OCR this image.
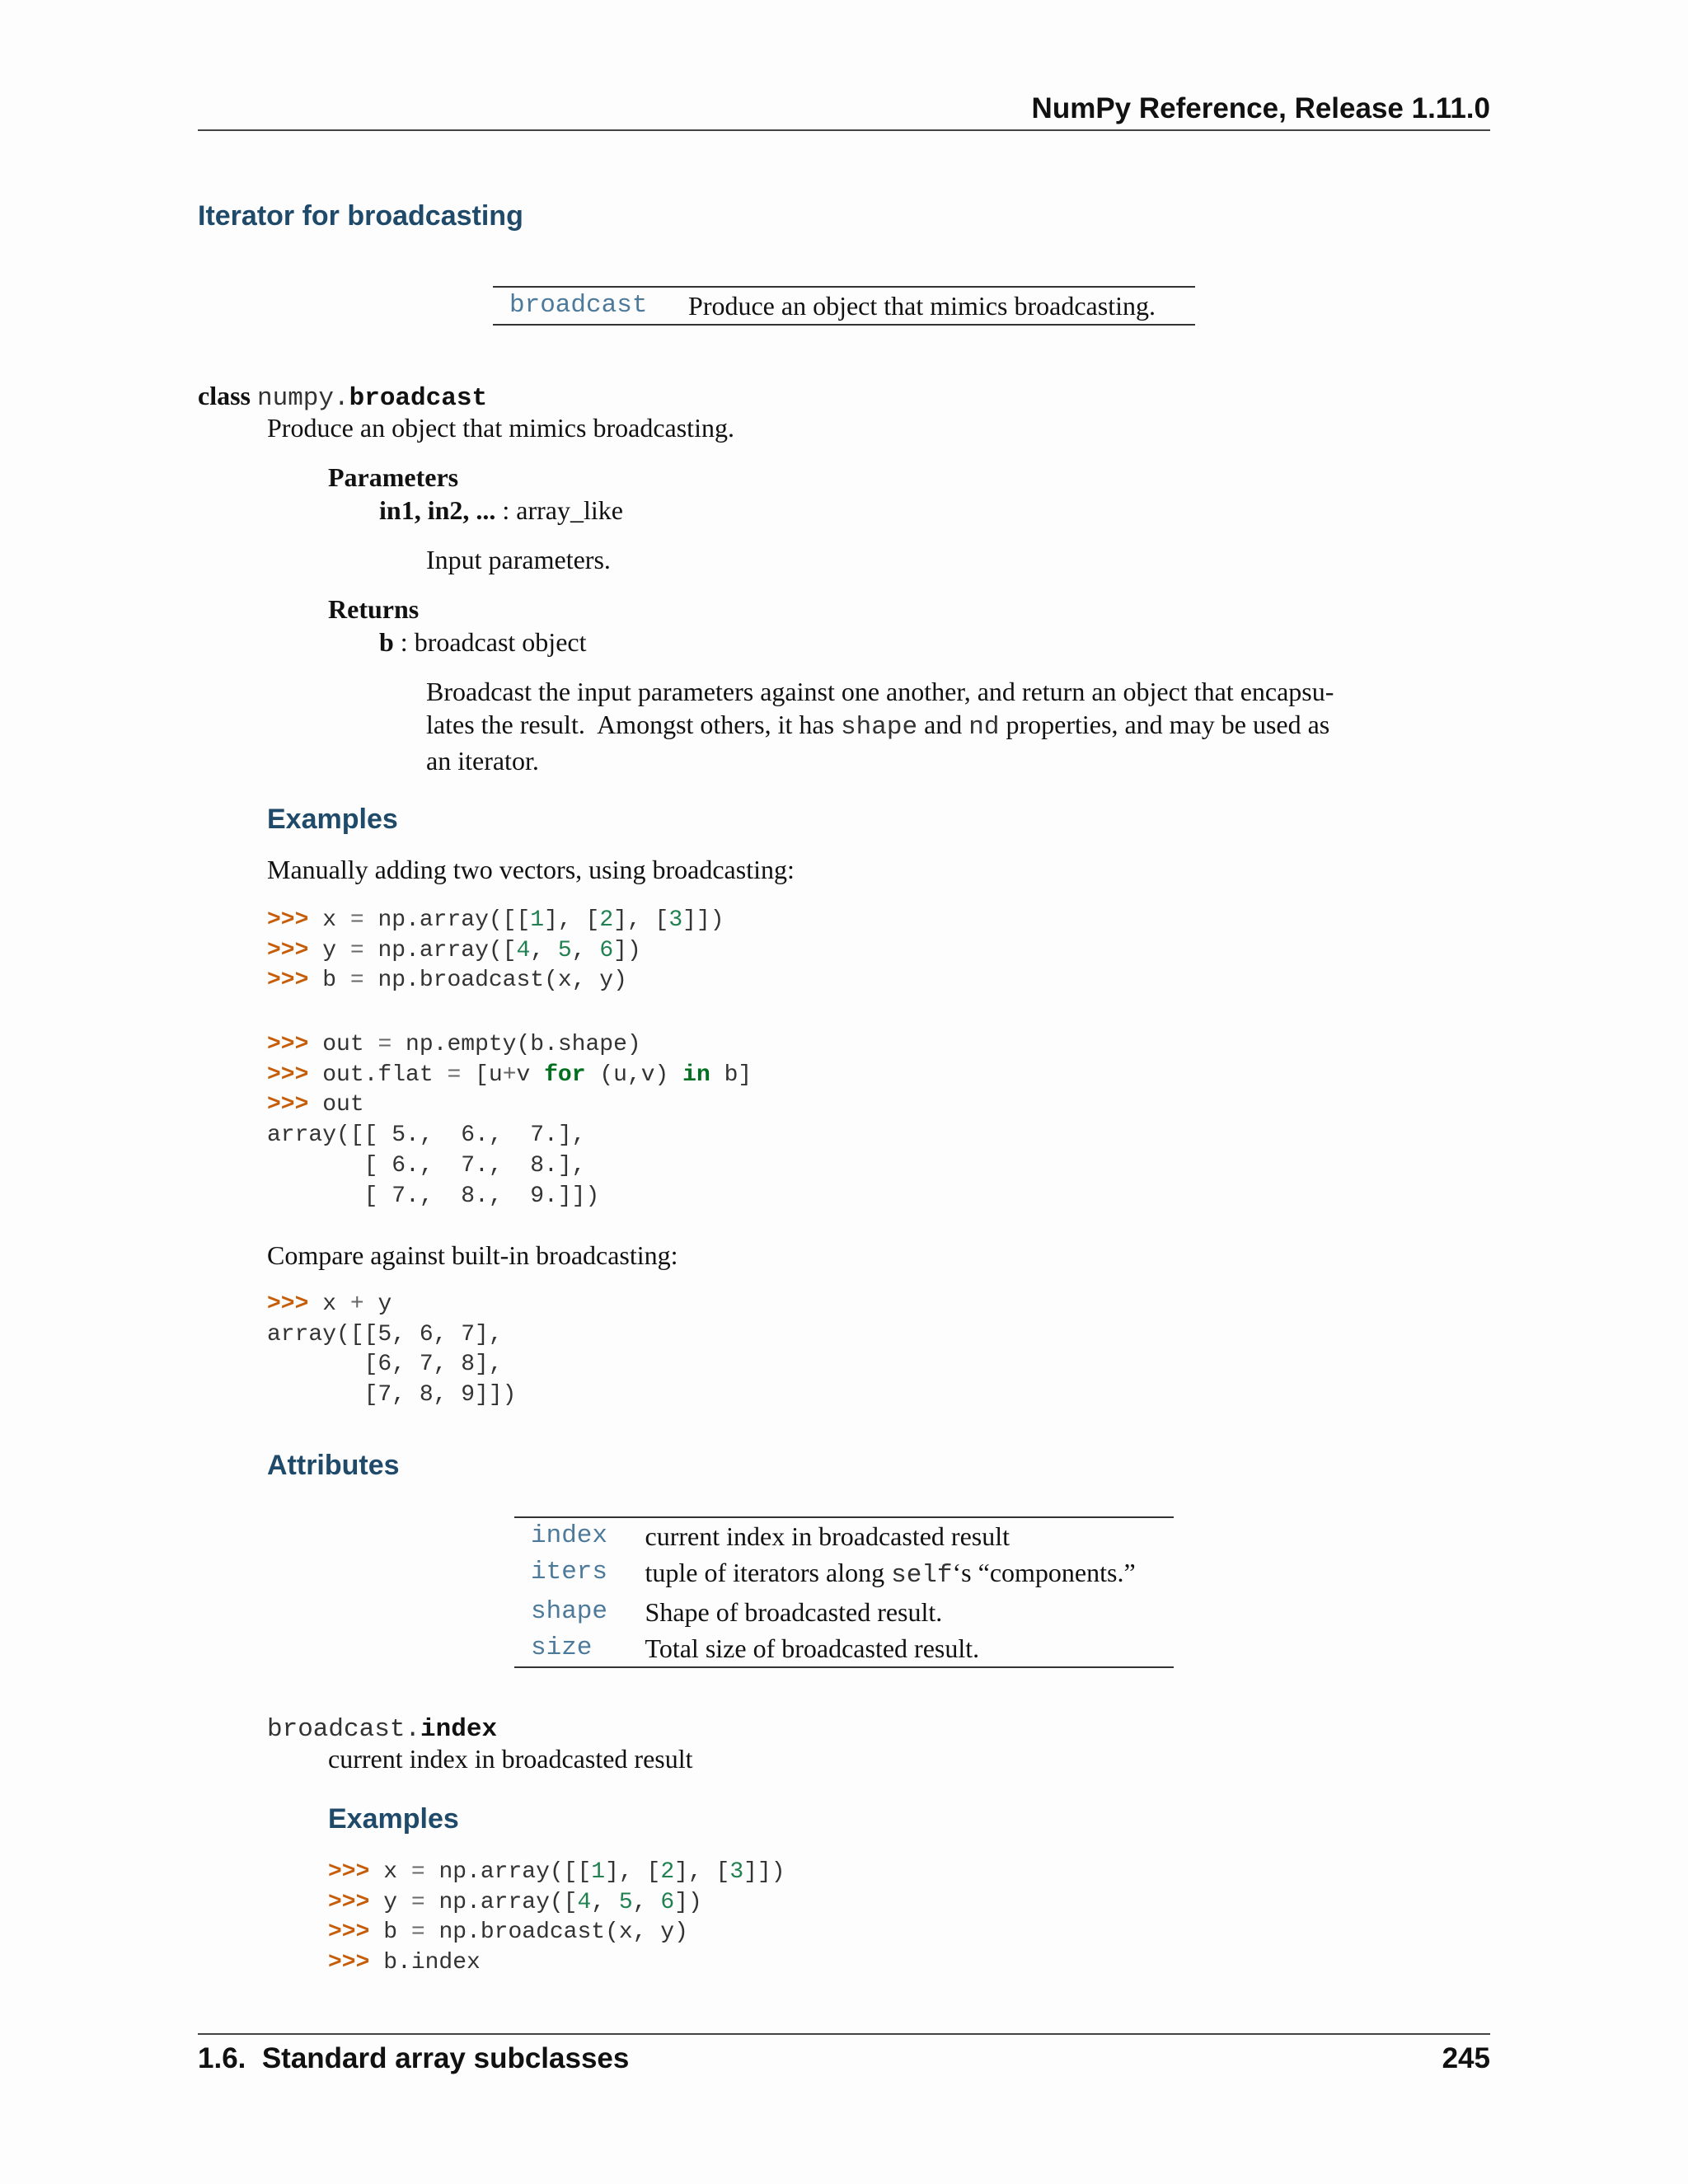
NumPy Reference, Release 1.11.0
Iterator for broadcasting
broadcast	Produce an object that mimics broadcasting.
class numpy.broadcast
Produce an object that mimics broadcasting.
Parameters
in1, in2, ... : array_like
Input parameters.
Returns
b : broadcast object
Broadcast the input parameters against one another, and return an object that encapsu-
lates the result.  Amongst others, it has shape and nd properties, and may be used as
an iterator.
Examples
Manually adding two vectors, using broadcasting:
>>> x = np.array([[1], [2], [3]])
>>> y = np.array([4, 5, 6])
>>> b = np.broadcast(x, y)
>>> out = np.empty(b.shape)
>>> out.flat = [u+v for (u,v) in b]
>>> out
array([[ 5.,  6.,  7.],
[ 6.,  7.,  8.],
[ 7.,  8.,  9.]])
Compare against built-in broadcasting:
>>> x + y
array([[5, 6, 7],
[6, 7, 8],
[7, 8, 9]])
Attributes
index	current index in broadcasted result
iters	tuple of iterators along self‘s “components.”
shape	Shape of broadcasted result.
size	Total size of broadcasted result.
broadcast.index
current index in broadcasted result
Examples
>>> x = np.array([[1], [2], [3]])
>>> y = np.array([4, 5, 6])
>>> b = np.broadcast(x, y)
>>> b.index
1.6.  Standard array subclasses	245
